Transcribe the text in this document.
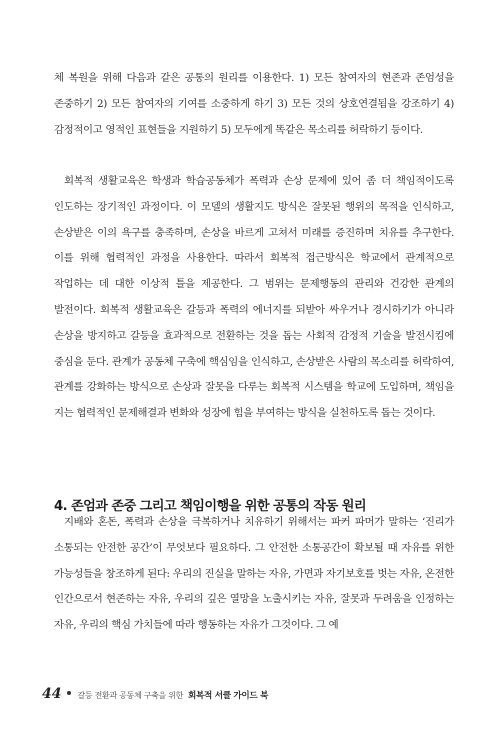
체 복원을 위해 다음과 같은 공통의 원리를 이용한다. 1) 모든 참여자의 현존과 존엄성을 존중하기 2) 모든 참여자의 기여를 소중하게 하기 3) 모든 것의 상호연결됨을 강조하기 4) 감정적이고 영적인 표현들을 지원하기 5) 모두에게 똑같은 목소리를 허락하기 등이다.

회복적 생활교육은 학생과 학습공동체가 폭력과 손상 문제에 있어 좀 더 책임적이도록 인도하는 장기적인 과정이다. 이 모델의 생활지도 방식은 잘못된 행위의 목적을 인식하고, 손상받은 이의 욕구를 충족하며, 손상을 바르게 고쳐서 미래를 증진하며 치유를 추구한다. 이를 위해 협력적인 과정을 사용한다. 따라서 회복적 접근방식은 학교에서 관계적으로 작업하는 데 대한 이상적 틀을 제공한다. 그 범위는 문제행동의 관리와 건강한 관계의 발전이다. 회복적 생활교육은 갈등과 폭력의 에너지를 되받아 싸우거나 경시하기가 아니라 손상을 방지하고 갈등을 효과적으로 전환하는 것을 돕는 사회적 감정적 기술을 발전시킴에 중심을 둔다. 관계가 공동체 구축에 핵심임을 인식하고, 손상받은 사람의 목소리를 허락하여, 관계를 강화하는 방식으로 손상과 잘못을 다루는 회복적 시스템을 학교에 도입하며, 책임을 지는 협력적인 문제해결과 변화와 성장에 힘을 부여하는 방식을 실천하도록 돕는 것이다.

4. 존엄과 존중 그리고 책임이행을 위한 공통의 작동 원리

지배와 혼돈, 폭력과 손상을 극복하거나 치유하기 위해서는 파커 파머가 말하는 ‘진리가 소통되는 안전한 공간’이 무엇보다 필요하다. 그 안전한 소통공간이 확보될 때 자유를 위한 가능성들을 창조하게 된다: 우리의 진실을 말하는 자유, 가면과 자기보호를 벗는 자유, 온전한 인간으로서 현존하는 자유, 우리의 깊은 열망을 노출시키는 자유, 잘못과 두려움을 인정하는 자유, 우리의 핵심 가치들에 따라 행동하는 자유가 그것이다. 그 예

44 갈등 전환과 공동체 구축을 위한 회복적 서클 가이드 북
